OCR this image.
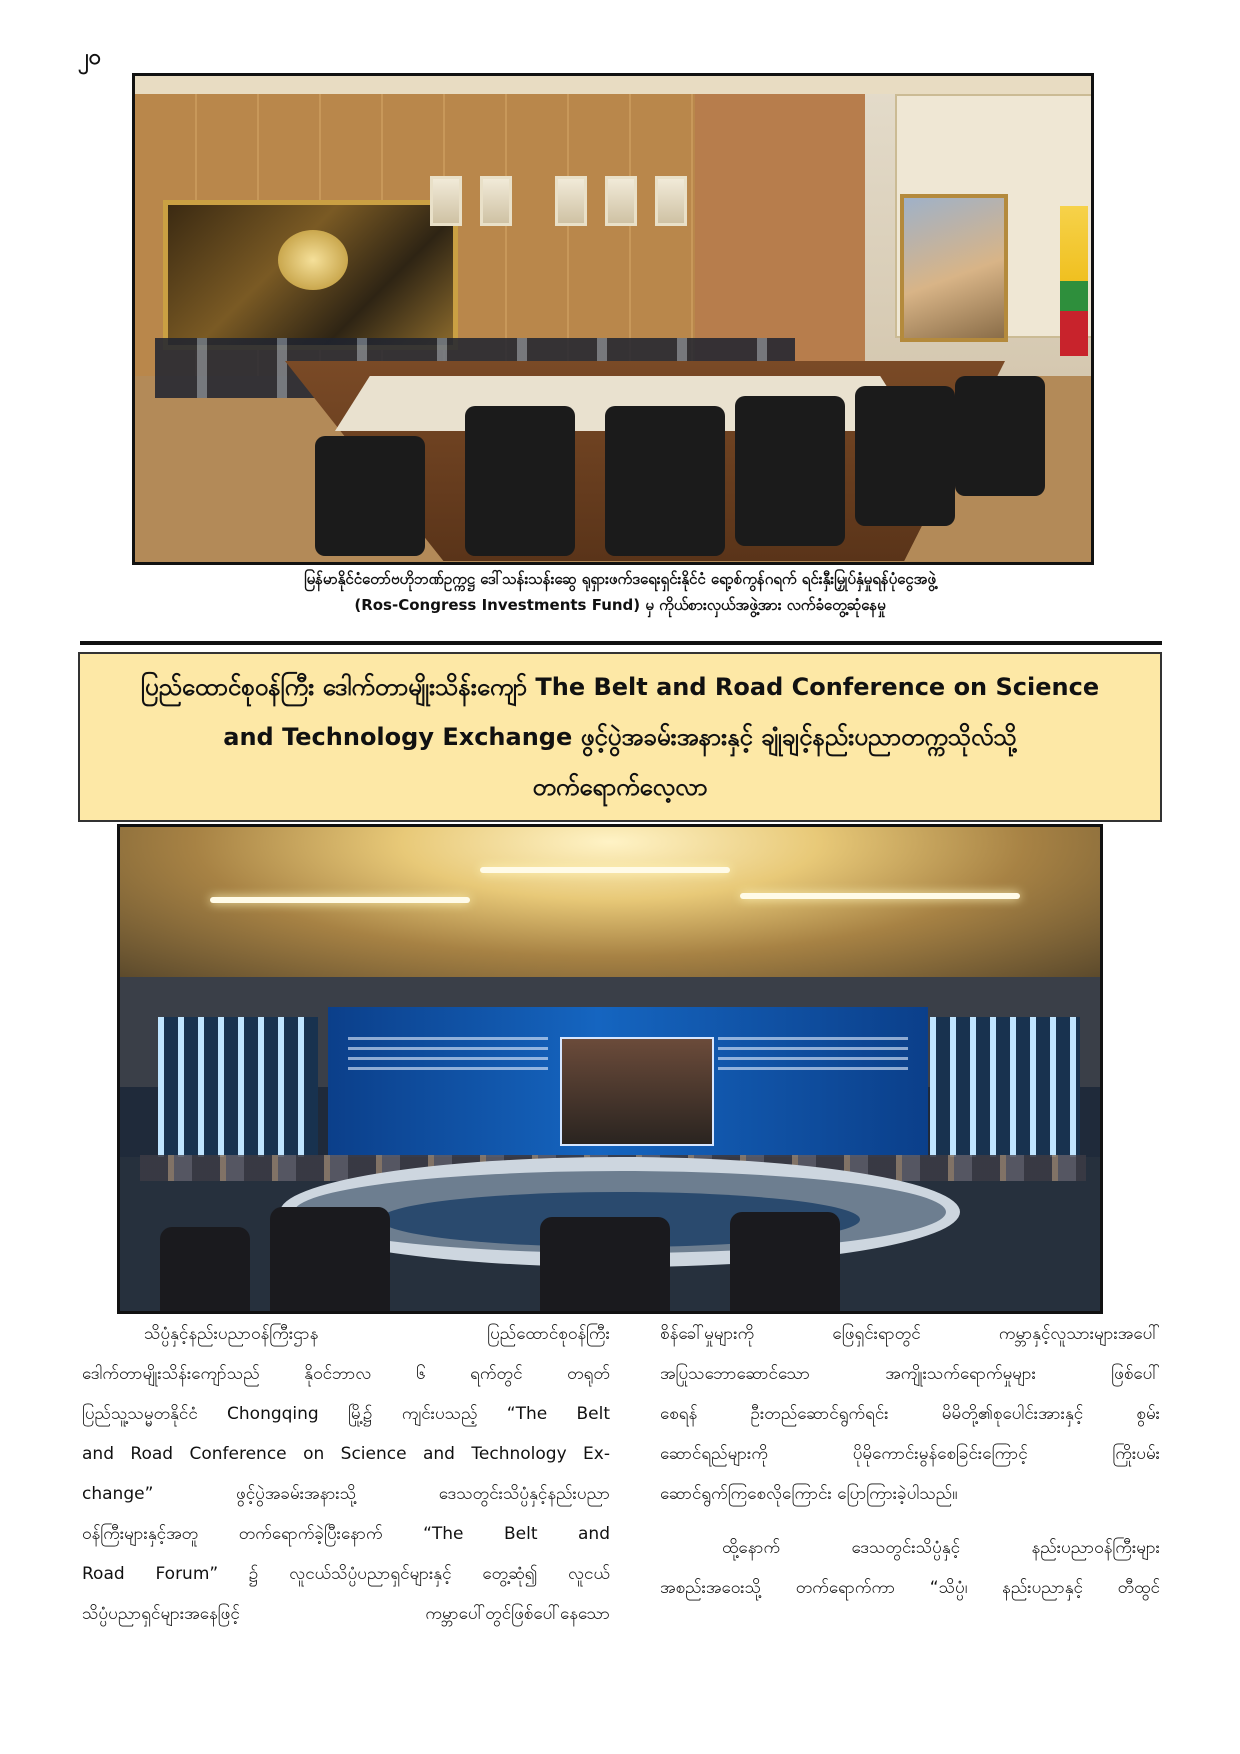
၂၀
မြန်မာနိုင်ငံတော်ဗဟိုဘဏ်ဥက္ကဋ္ဌ ဒေါ်သန်းသန်းဆွေ ရုရှားဖက်ဒရေးရှင်းနိုင်ငံ ရော့စ်ကွန်ဂရက် ရင်းနှီးမြှုပ်နှံမှုရန်ပုံငွေအဖွဲ့
(Ros-Congress Investments Fund) မှ ကိုယ်စားလှယ်အဖွဲ့အား လက်ခံတွေ့ဆုံနေမှု
ပြည်ထောင်စုဝန်ကြီး ဒေါက်တာမျိုးသိန်းကျော် The Belt and Road Conference on Science
and Technology Exchange ဖွင့်ပွဲအခမ်းအနားနှင့် ချုံချင့်နည်းပညာတက္ကသိုလ်သို့
တက်ရောက်လေ့လာ

သိပ္ပံနှင့်နည်းပညာဝန်ကြီးဌာန ပြည်ထောင်စုဝန်ကြီး

ဒေါက်တာမျိုးသိန်းကျော်သည် နိုဝင်ဘာလ ၆ ရက်တွင် တရုတ်

ပြည်သူ့သမ္မတနိုင်ငံ Chongqing မြို့၌ ကျင်းပသည့် “The Belt

and Road Conference on Science and Technology Ex-

change” ဖွင့်ပွဲအခမ်းအနားသို့ ဒေသတွင်းသိပ္ပံနှင့်နည်းပညာ

ဝန်ကြီးများနှင့်အတူ တက်ရောက်ခဲ့ပြီးနောက် “The Belt and

Road Forum” ၌ လူငယ်သိပ္ပံပညာရှင်များနှင့် တွေ့ဆုံ၍ လူငယ်

သိပ္ပံပညာရှင်များအနေဖြင့် ကမ္ဘာပေါ်တွင်ဖြစ်ပေါ်နေသော

စိန်ခေါ်မှုများကို ဖြေရှင်းရာတွင် ကမ္ဘာနှင့်လူသားများအပေါ်

အပြုသဘောဆောင်သော အကျိုးသက်ရောက်မှုများ ဖြစ်ပေါ်

စေရန် ဦးတည်ဆောင်ရွက်ရင်း မိမိတို့၏စုပေါင်းအားနှင့် စွမ်း

ဆောင်ရည်များကို ပိုမိုကောင်းမွန်စေခြင်းကြောင့် ကြိုးပမ်း

ဆောင်ရွက်ကြစေလိုကြောင်း ပြောကြားခဲ့ပါသည်။

ထို့နောက် ဒေသတွင်းသိပ္ပံနှင့် နည်းပညာဝန်ကြီးများ

အစည်းအဝေးသို့ တက်ရောက်ကာ “သိပ္ပံ၊ နည်းပညာနှင့် တီထွင်
